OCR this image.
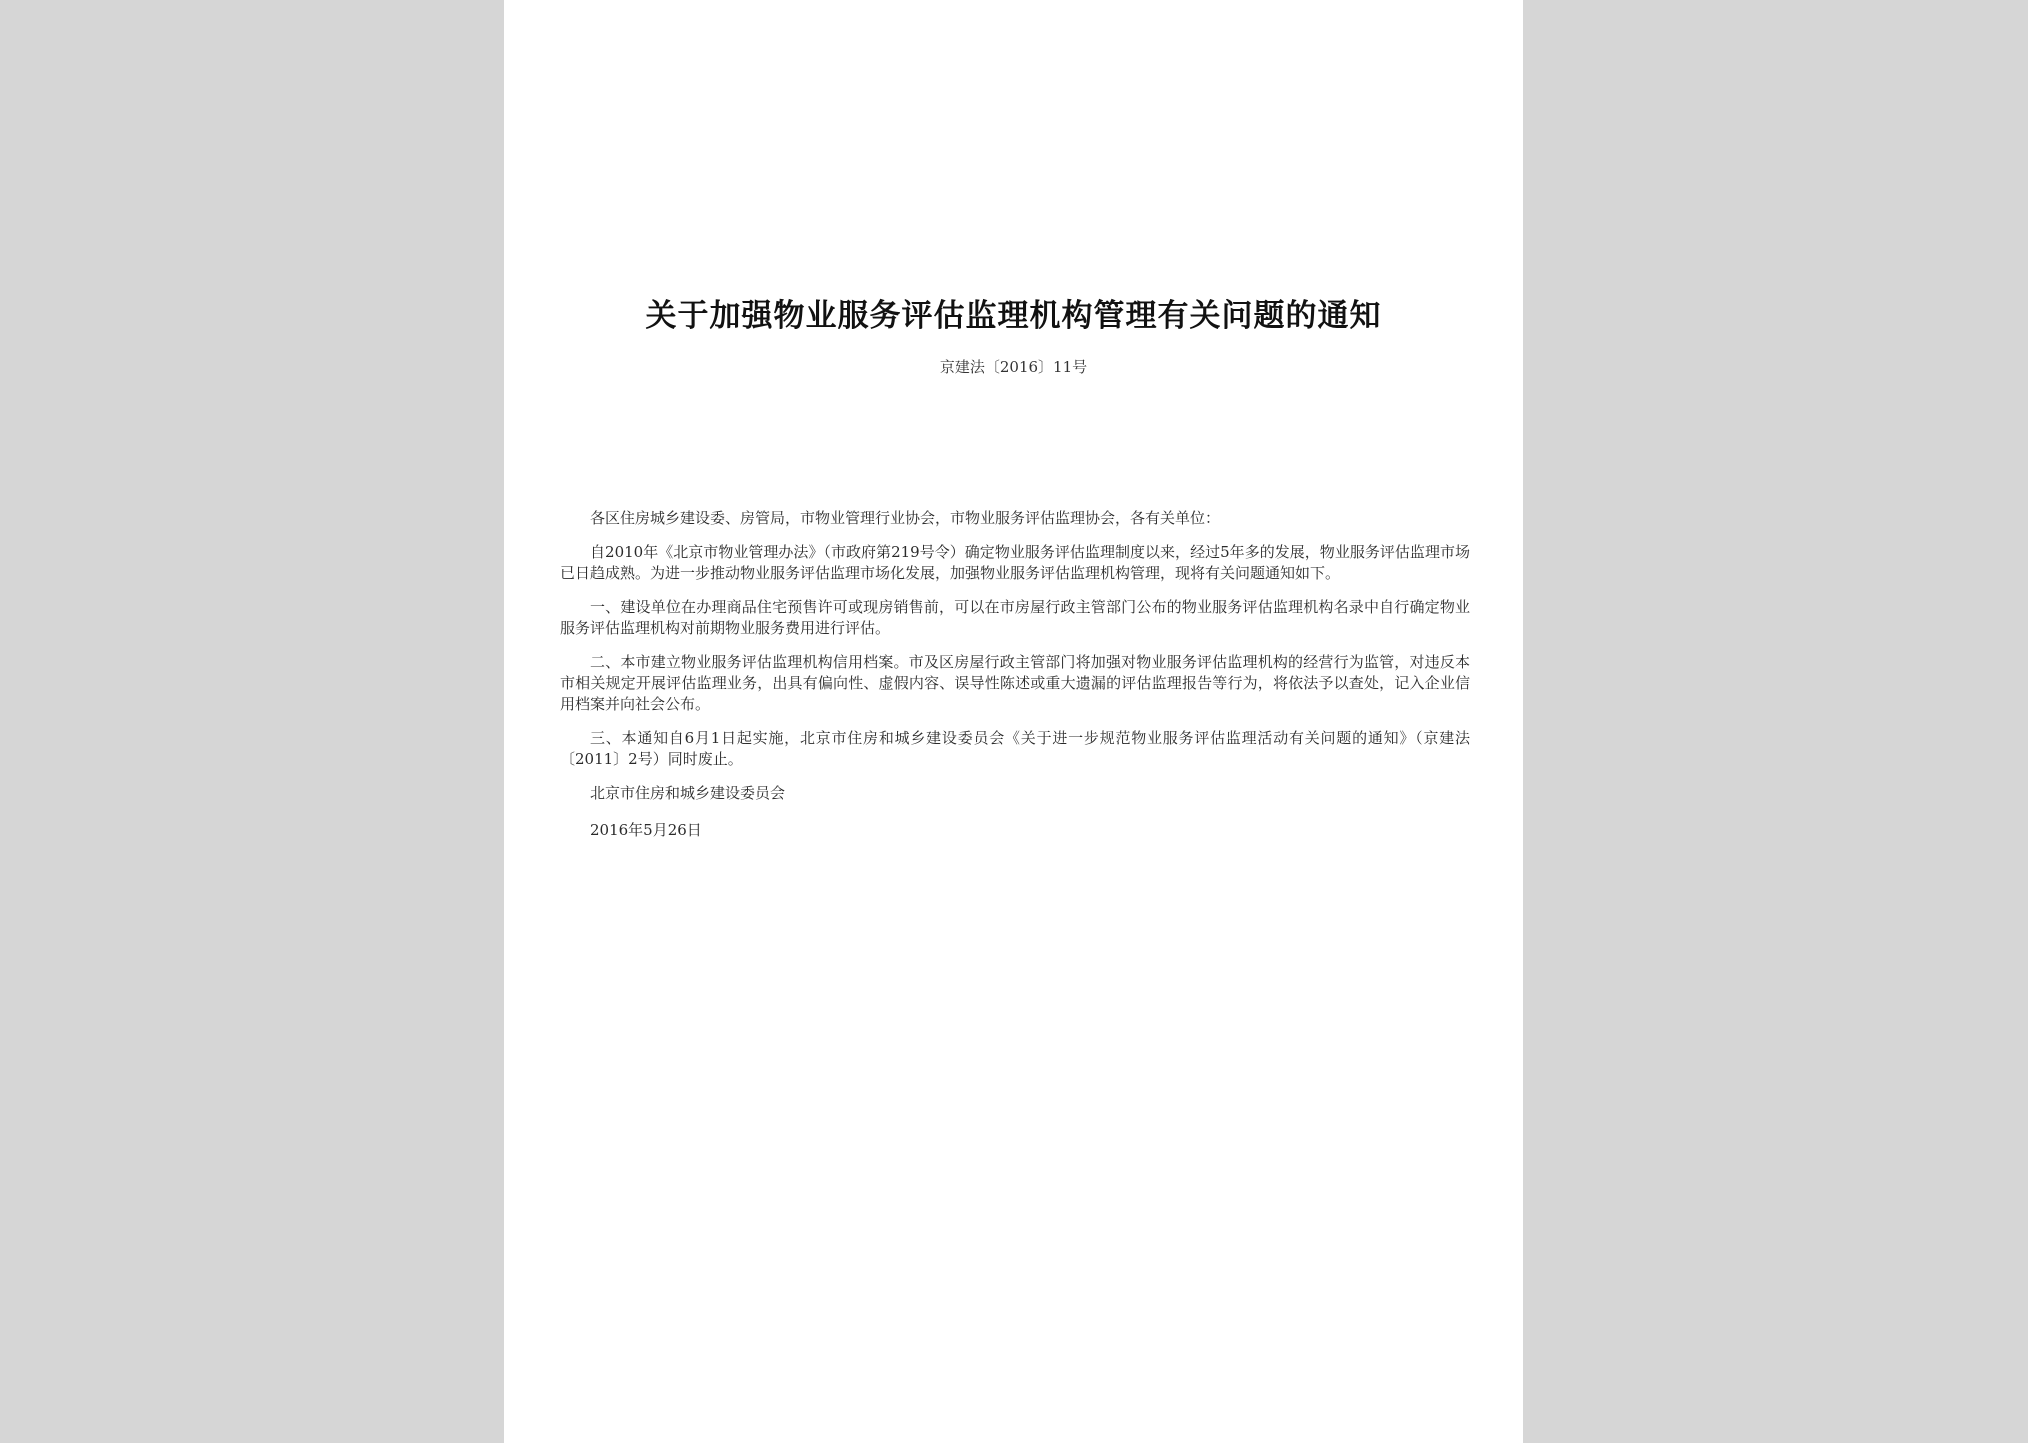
关于加强物业服务评估监理机构管理有关问题的通知
京建法〔2016〕11号

各区住房城乡建设委、房管局，市物业管理行业协会，市物业服务评估监理协会，各有关单位：

自2010年《北京市物业管理办法》（市政府第219号令）确定物业服务评估监理制度以来，经过5年多的发展，物业服务评估监理市场已日趋成熟。为进一步推动物业服务评估监理市场化发展，加强物业服务评估监理机构管理，现将有关问题通知如下。

一、建设单位在办理商品住宅预售许可或现房销售前，可以在市房屋行政主管部门公布的物业服务评估监理机构名录中自行确定物业服务评估监理机构对前期物业服务费用进行评估。

二、本市建立物业服务评估监理机构信用档案。市及区房屋行政主管部门将加强对物业服务评估监理机构的经营行为监管，对违反本市相关规定开展评估监理业务，出具有偏向性、虚假内容、误导性陈述或重大遗漏的评估监理报告等行为，将依法予以查处，记入企业信用档案并向社会公布。

三、本通知自6月1日起实施，北京市住房和城乡建设委员会《关于进一步规范物业服务评估监理活动有关问题的通知》（京建法〔2011〕2号）同时废止。

北京市住房和城乡建设委员会

2016年5月26日
